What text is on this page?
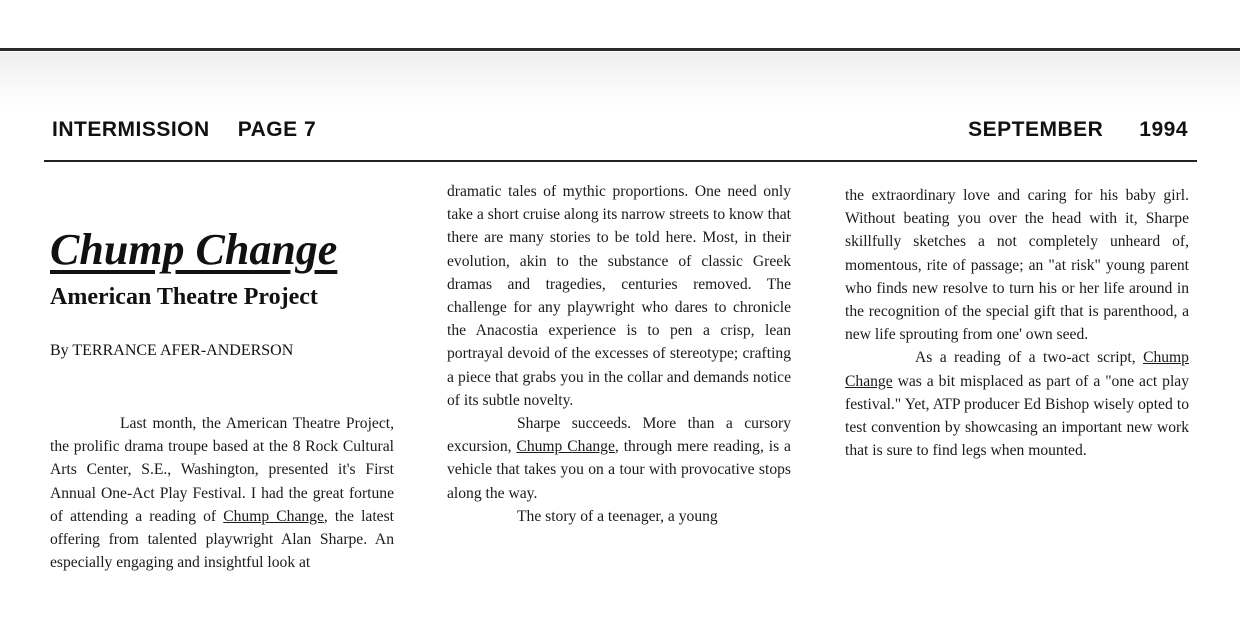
INTERMISSION PAGE 7	SEPTEMBER 1994
Chump Change
American Theatre Project
By TERRANCE AFER-ANDERSON

Last month, the American Theatre Project, the prolific drama troupe based at the 8 Rock Cultural Arts Center, S.E., Washington, presented it's First Annual One-Act Play Festival. I had the great fortune of attending a reading of Chump Change, the latest offering from talented playwright Alan Sharpe. An especially engaging and insightful look at

dramatic tales of mythic proportions. One need only take a short cruise along its narrow streets to know that there are many stories to be told here. Most, in their evolution, akin to the substance of classic Greek dramas and tragedies, centuries removed. The challenge for any playwright who dares to chronicle the Anacostia experience is to pen a crisp, lean portrayal devoid of the excesses of stereotype; crafting a piece that grabs you in the collar and demands notice of its subtle novelty.

Sharpe succeeds. More than a cursory excursion, Chump Change, through mere reading, is a vehicle that takes you on a tour with provocative stops along the way.

The story of a teenager, a young

the extraordinary love and caring for his baby girl. Without beating you over the head with it, Sharpe skillfully sketches a not completely unheard of, momentous, rite of passage; an "at risk" young parent who finds new resolve to turn his or her life around in the recognition of the special gift that is parenthood, a new life sprouting from one' own seed.

As a reading of a two-act script, Chump Change was a bit misplaced as part of a "one act play festival." Yet, ATP producer Ed Bishop wisely opted to test convention by showcasing an important new work that is sure to find legs when mounted.
